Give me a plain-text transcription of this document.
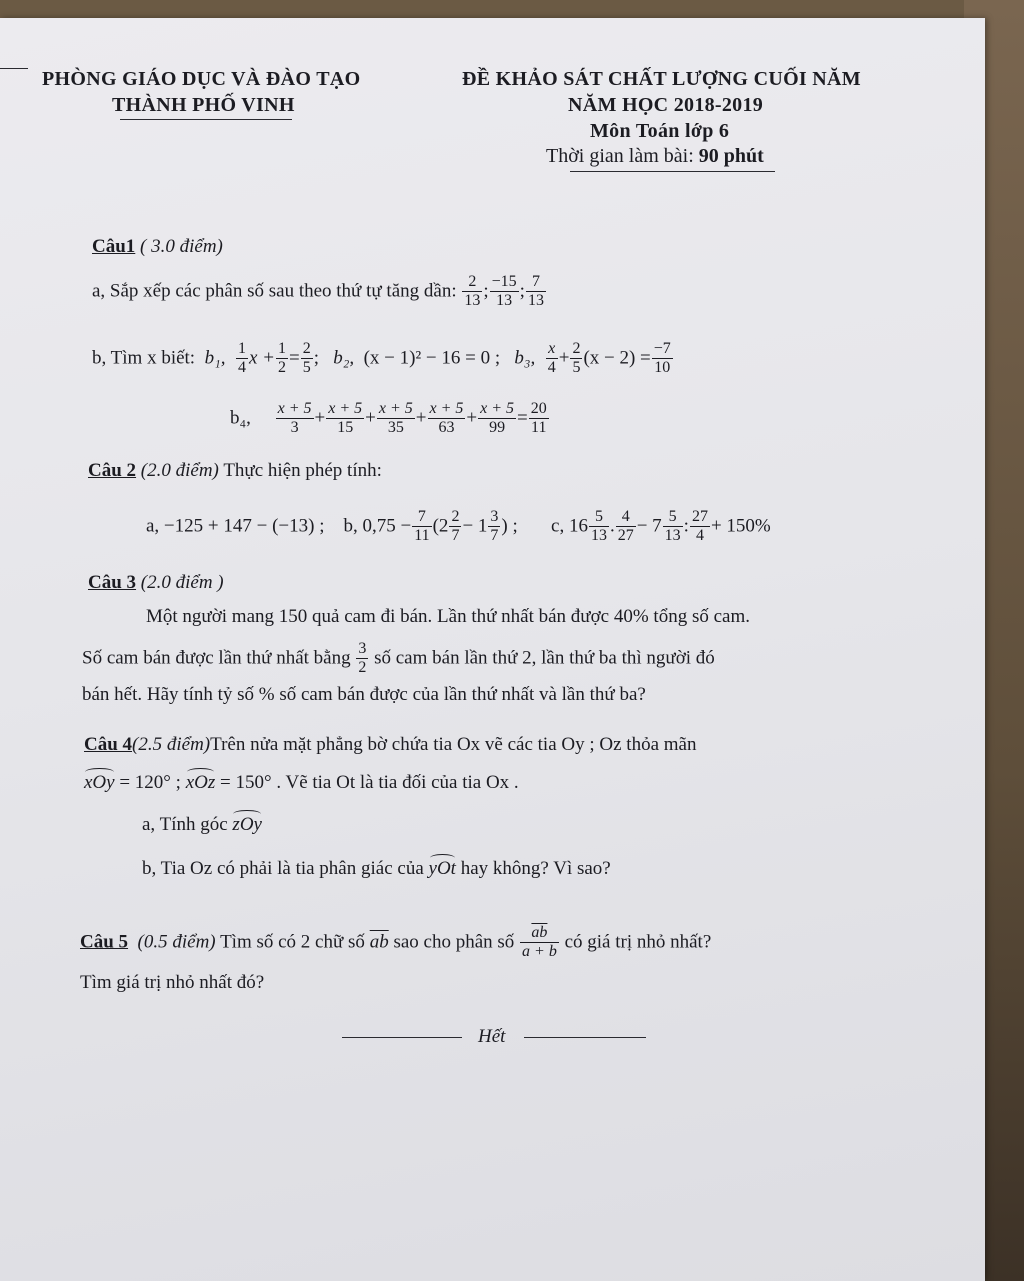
PHÒNG GIÁO DỤC VÀ ĐÀO TẠO
THÀNH PHỐ VINH
ĐỀ KHẢO SÁT CHẤT LƯỢNG CUỐI NĂM
NĂM HỌC 2018-2019
Môn Toán lớp 6
Thời gian làm bài: 90 phút
Câu1 ( 3.0 điểm)
a, Sắp xếp các phân số sau theo thứ tự tăng dần: $\frac{2}{13}$ ; $\frac{-15}{13}$ ; $\frac{7}{13}$
b, Tìm x biết: b₁, $\frac{1}{4}$ $x + \frac{1}{2} = \frac{2}{5}$ ; b₂, (x − 1)² − 16 = 0 ; b₃, $\frac{x}{4} + \frac{2}{5} (x - 2) = \frac{-7}{10}$
b₄, $\frac{x + 5}{3} + \frac{x + 5}{15} + \frac{x + 5}{35} + \frac{x + 5}{63} + \frac{x + 5}{99} = \frac{20}{11}$
Câu 2 (2.0 điểm) Thực hiện phép tính:
a, −125 + 147 − (−13) ; b, $0,75 - \frac{7}{11} (2 \frac{2}{7} - 1 \frac{3}{7}$ ) ; c, $16 \frac{5}{13}$ . $\frac{4}{27} - 7 \frac{5}{13}$ : $\frac{27}{4} + 150\%$
Câu 3 (2.0 điểm )
Một người mang 150 quả cam đi bán. Lần thứ nhất bán được 40% tổng số cam.
Số cam bán được lần thứ nhất bằng $\frac{3}{2}$ số cam bán lần thứ 2, lần thứ ba thì người đó
bán hết. Hãy tính tỷ số % số cam bán được của lần thứ nhất và lần thứ ba?
Câu 4(2.5 điểm)Trên nửa mặt phẳng bờ chứa tia Ox vẽ các tia Oy ; Oz thỏa mãn
xOy = 120° ; xOz = 150° . Vẽ tia Ot là tia đối của tia Ox .
a, Tính góc zOy
b, Tia Oz có phải là tia phân giác của yOt hay không? Vì sao?
Câu 5 (0.5 điểm) Tìm số có 2 chữ số $\overline{ab}$ sao cho phân số $\frac{\overline{ab}}{a + b}$ có giá trị nhỏ nhất?
Tìm giá trị nhỏ nhất đó?
Hết
